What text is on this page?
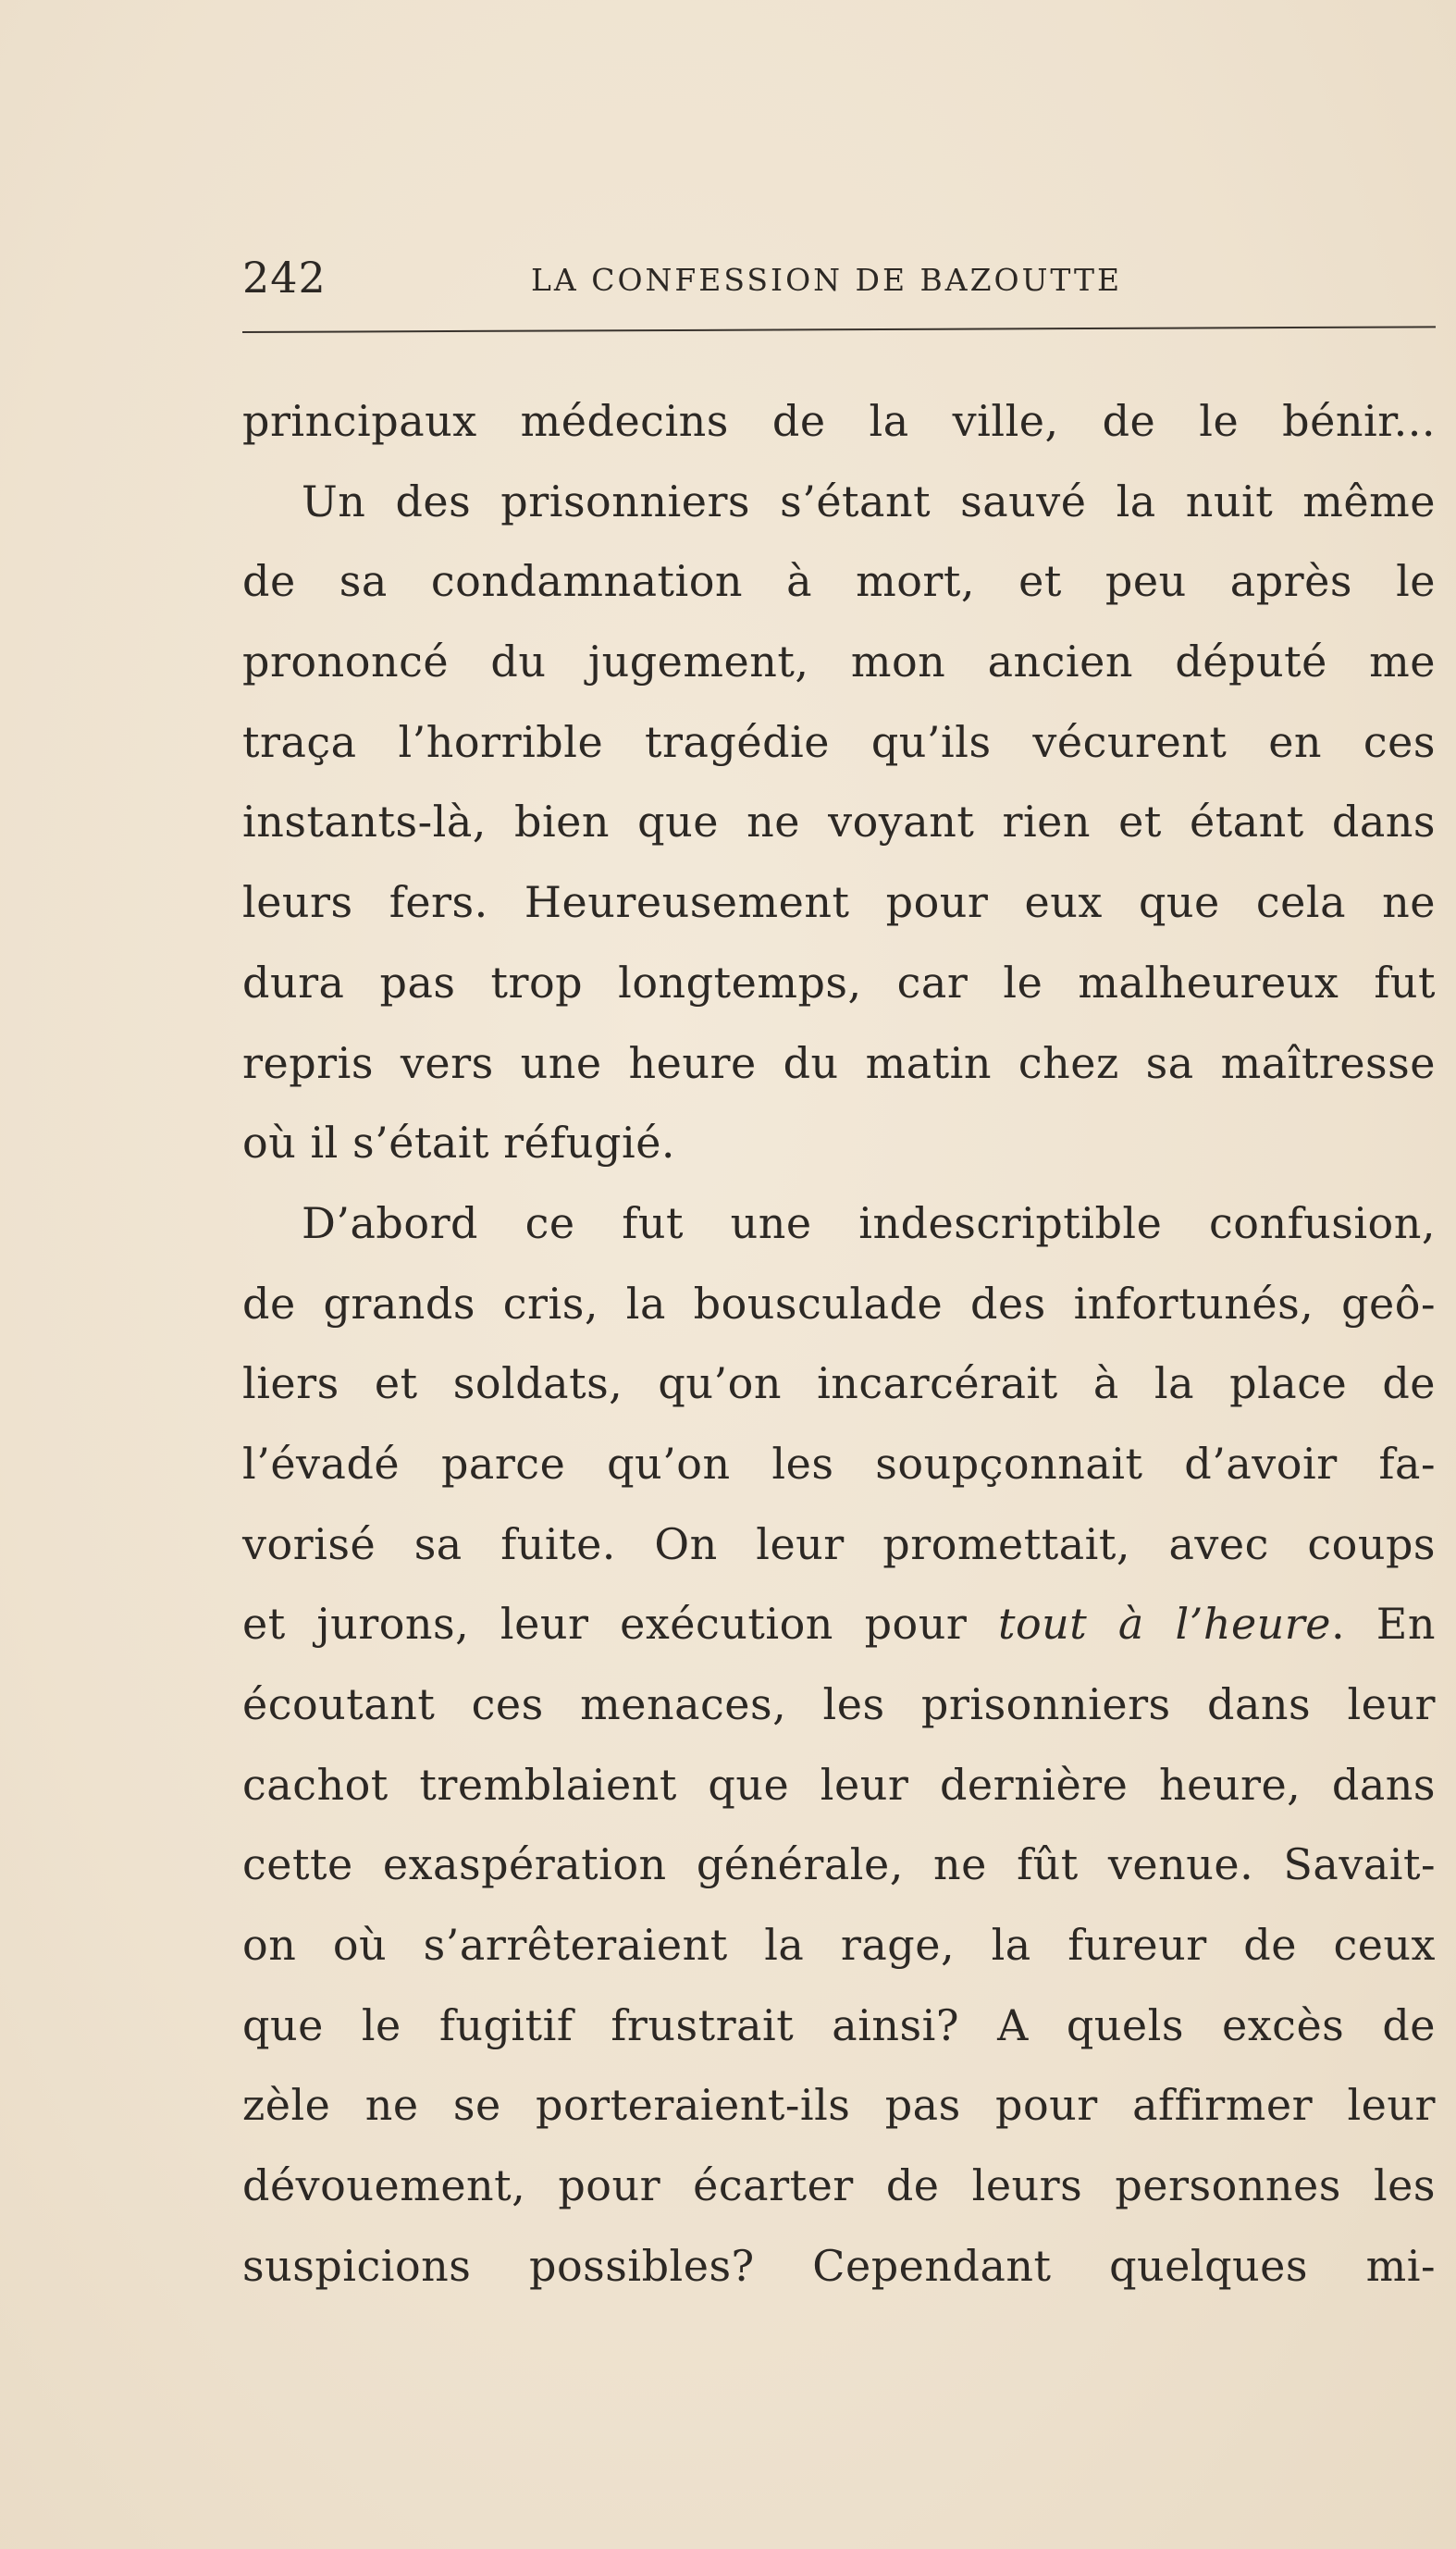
242	LA CONFESSION DE BAZOUTTE
principaux médecins de la ville, de le bénir...
Un des prisonniers s’étant sauvé la nuit même
de sa condamnation à mort, et peu après le
prononcé du jugement, mon ancien député me
traça l’horrible tragédie qu’ils vécurent en ces
instants-là, bien que ne voyant rien et étant dans
leurs fers. Heureusement pour eux que cela ne
dura pas trop longtemps, car le malheureux fut
repris vers une heure du matin chez sa maîtresse
où il s’était réfugié.
D’abord ce fut une indescriptible confusion,
de grands cris, la bousculade des infortunés, geô-
liers et soldats, qu’on incarcérait à la place de
l’évadé parce qu’on les soupçonnait d’avoir fa-
vorisé sa fuite. On leur promettait, avec coups
et jurons, leur exécution pour tout à l’heure. En
écoutant ces menaces, les prisonniers dans leur
cachot tremblaient que leur dernière heure, dans
cette exaspération générale, ne fût venue. Savait-
on où s’arrêteraient la rage, la fureur de ceux
que le fugitif frustrait ainsi? A quels excès de
zèle ne se porteraient-ils pas pour affirmer leur
dévouement, pour écarter de leurs personnes les
suspicions possibles? Cependant quelques mi-
